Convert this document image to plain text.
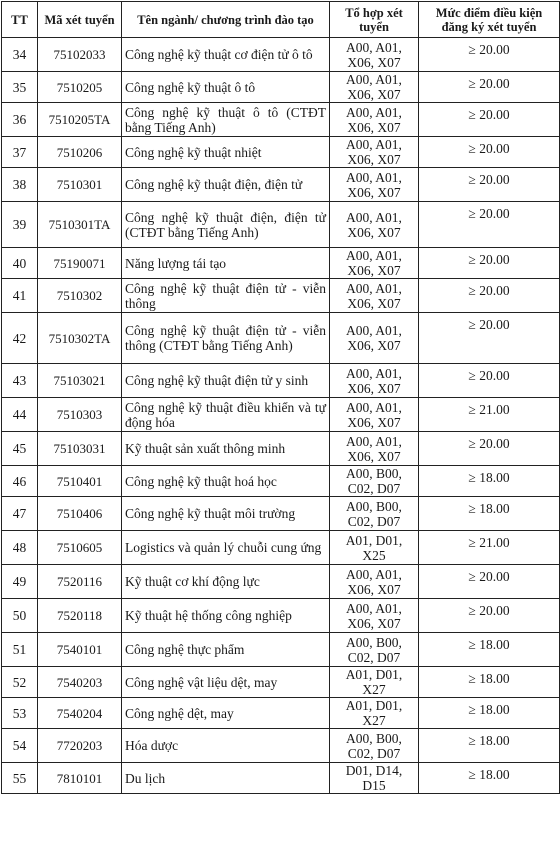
TT	Mã xét tuyển	Tên ngành/ chương trình đào tạo	Tổ hợp xét tuyển	Mức điểm điều kiện đăng ký xét tuyển
34	75102033	Công nghệ kỹ thuật cơ điện tử ô tô	A00, A01, X06, X07	≥ 20.00
35	7510205	Công nghệ kỹ thuật ô tô	A00, A01, X06, X07	≥ 20.00
36	7510205TA	Công nghệ kỹ thuật ô tô (CTĐT bằng Tiếng Anh)	A00, A01, X06, X07	≥ 20.00
37	7510206	Công nghệ kỹ thuật nhiệt	A00, A01, X06, X07	≥ 20.00
38	7510301	Công nghệ kỹ thuật điện, điện tử	A00, A01, X06, X07	≥ 20.00
39	7510301TA	Công nghệ kỹ thuật điện, điện tử (CTĐT bằng Tiếng Anh)	A00, A01, X06, X07	≥ 20.00
40	75190071	Năng lượng tái tạo	A00, A01, X06, X07	≥ 20.00
41	7510302	Công nghệ kỹ thuật điện tử - viễn thông	A00, A01, X06, X07	≥ 20.00
42	7510302TA	Công nghệ kỹ thuật điện tử - viễn thông (CTĐT bằng Tiếng Anh)	A00, A01, X06, X07	≥ 20.00
43	75103021	Công nghệ kỹ thuật điện tử y sinh	A00, A01, X06, X07	≥ 20.00
44	7510303	Công nghệ kỹ thuật điều khiển và tự động hóa	A00, A01, X06, X07	≥ 21.00
45	75103031	Kỹ thuật sản xuất thông minh	A00, A01, X06, X07	≥ 20.00
46	7510401	Công nghệ kỹ thuật hoá học	A00, B00, C02, D07	≥ 18.00
47	7510406	Công nghệ kỹ thuật môi trường	A00, B00, C02, D07	≥ 18.00
48	7510605	Logistics và quản lý chuỗi cung ứng	A01, D01, X25	≥ 21.00
49	7520116	Kỹ thuật cơ khí động lực	A00, A01, X06, X07	≥ 20.00
50	7520118	Kỹ thuật hệ thống công nghiệp	A00, A01, X06, X07	≥ 20.00
51	7540101	Công nghệ thực phẩm	A00, B00, C02, D07	≥ 18.00
52	7540203	Công nghệ vật liệu dệt, may	A01, D01, X27	≥ 18.00
53	7540204	Công nghệ dệt, may	A01, D01, X27	≥ 18.00
54	7720203	Hóa dược	A00, B00, C02, D07	≥ 18.00
55	7810101	Du lịch	D01, D14, D15	≥ 18.00
